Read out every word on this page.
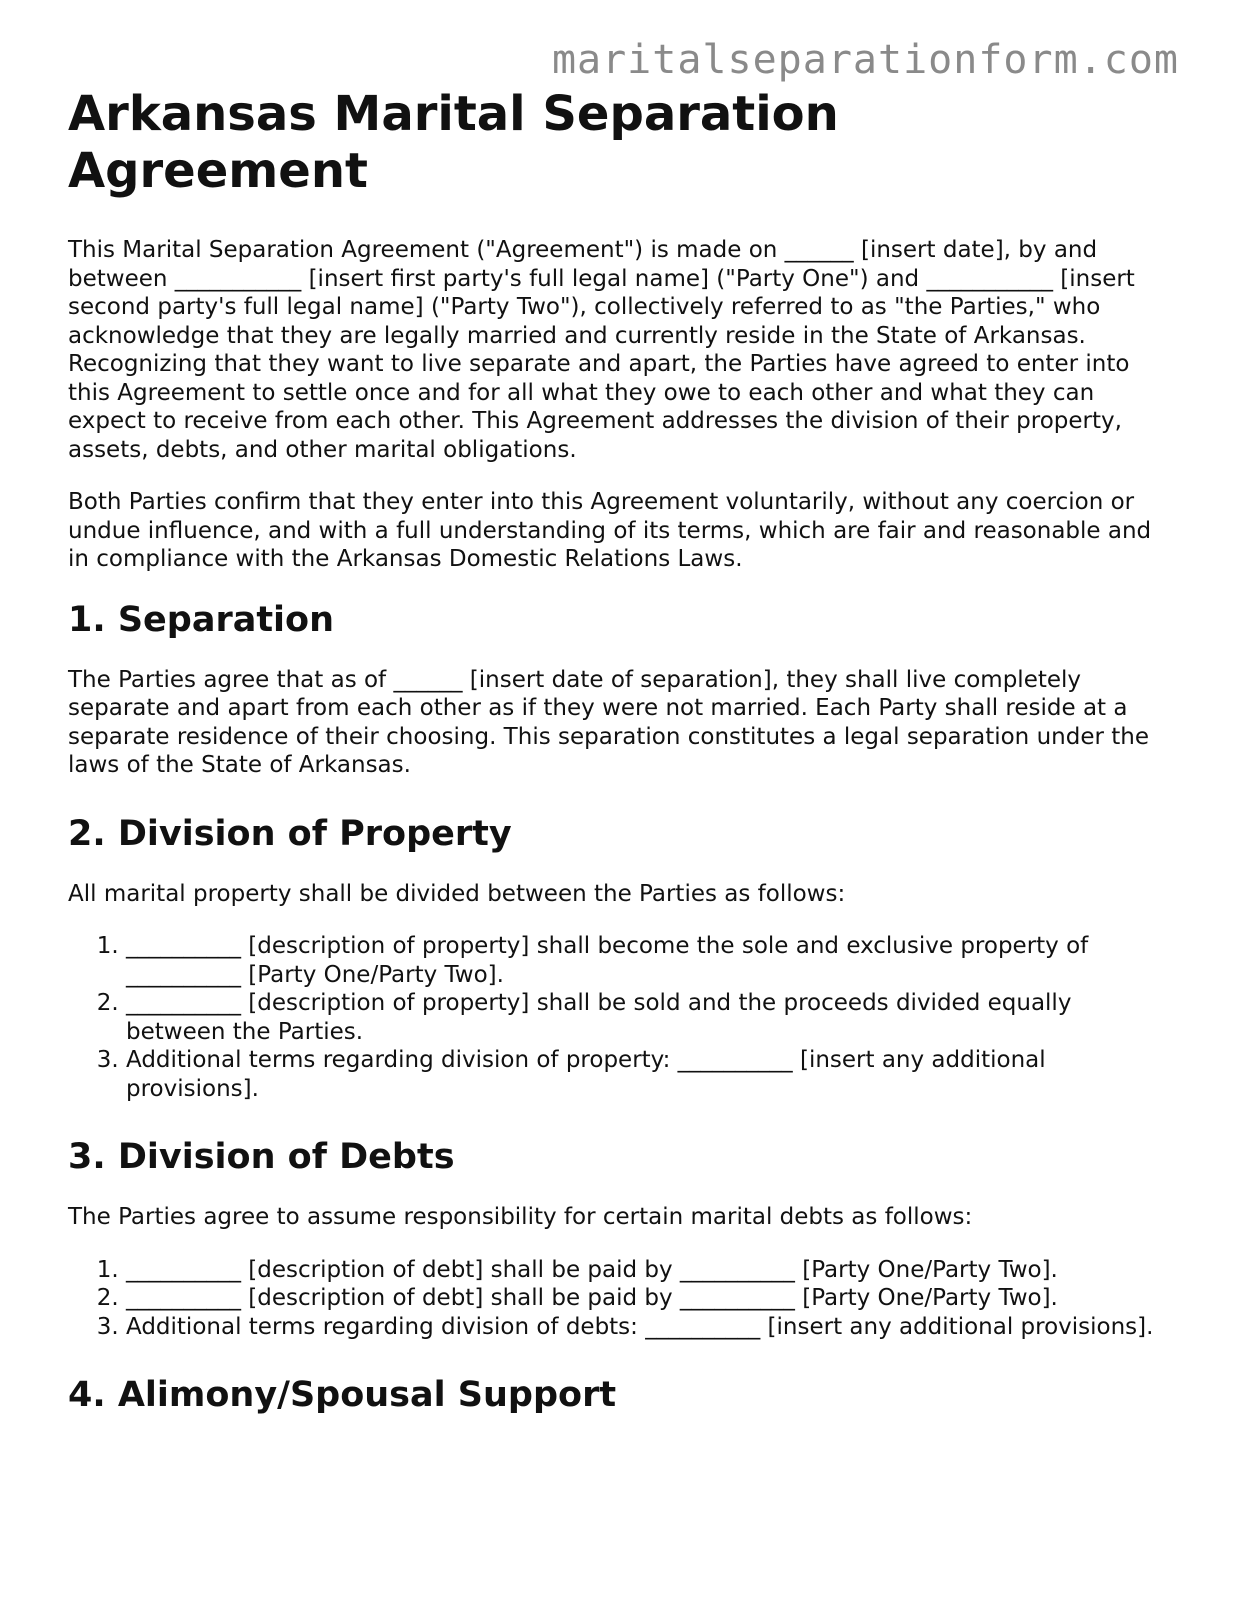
maritalseparationform.com
Arkansas Marital Separation Agreement

This Marital Separation Agreement ("Agreement") is made on ______ [insert date], by and between ___________ [insert first party's full legal name] ("Party One") and ___________ [insert second party's full legal name] ("Party Two"), collectively referred to as "the Parties," who acknowledge that they are legally married and currently reside in the State of Arkansas. Recognizing that they want to live separate and apart, the Parties have agreed to enter into this Agreement to settle once and for all what they owe to each other and what they can expect to receive from each other. This Agreement addresses the division of their property, assets, debts, and other marital obligations.

Both Parties confirm that they enter into this Agreement voluntarily, without any coercion or undue influence, and with a full understanding of its terms, which are fair and reasonable and in compliance with the Arkansas Domestic Relations Laws.

1. Separation

The Parties agree that as of ______ [insert date of separation], they shall live completely separate and apart from each other as if they were not married. Each Party shall reside at a separate residence of their choosing. This separation constitutes a legal separation under the laws of the State of Arkansas.

2. Division of Property

All marital property shall be divided between the Parties as follows:

1. __________ [description of property] shall become the sole and exclusive property of __________ [Party One/Party Two].
2. __________ [description of property] shall be sold and the proceeds divided equally between the Parties.
3. Additional terms regarding division of property: __________ [insert any additional provisions].
3. Division of Debts

The Parties agree to assume responsibility for certain marital debts as follows:

1. __________ [description of debt] shall be paid by __________ [Party One/Party Two].
2. __________ [description of debt] shall be paid by __________ [Party One/Party Two].
3. Additional terms regarding division of debts: __________ [insert any additional provisions].
4. Alimony/Spousal Support
